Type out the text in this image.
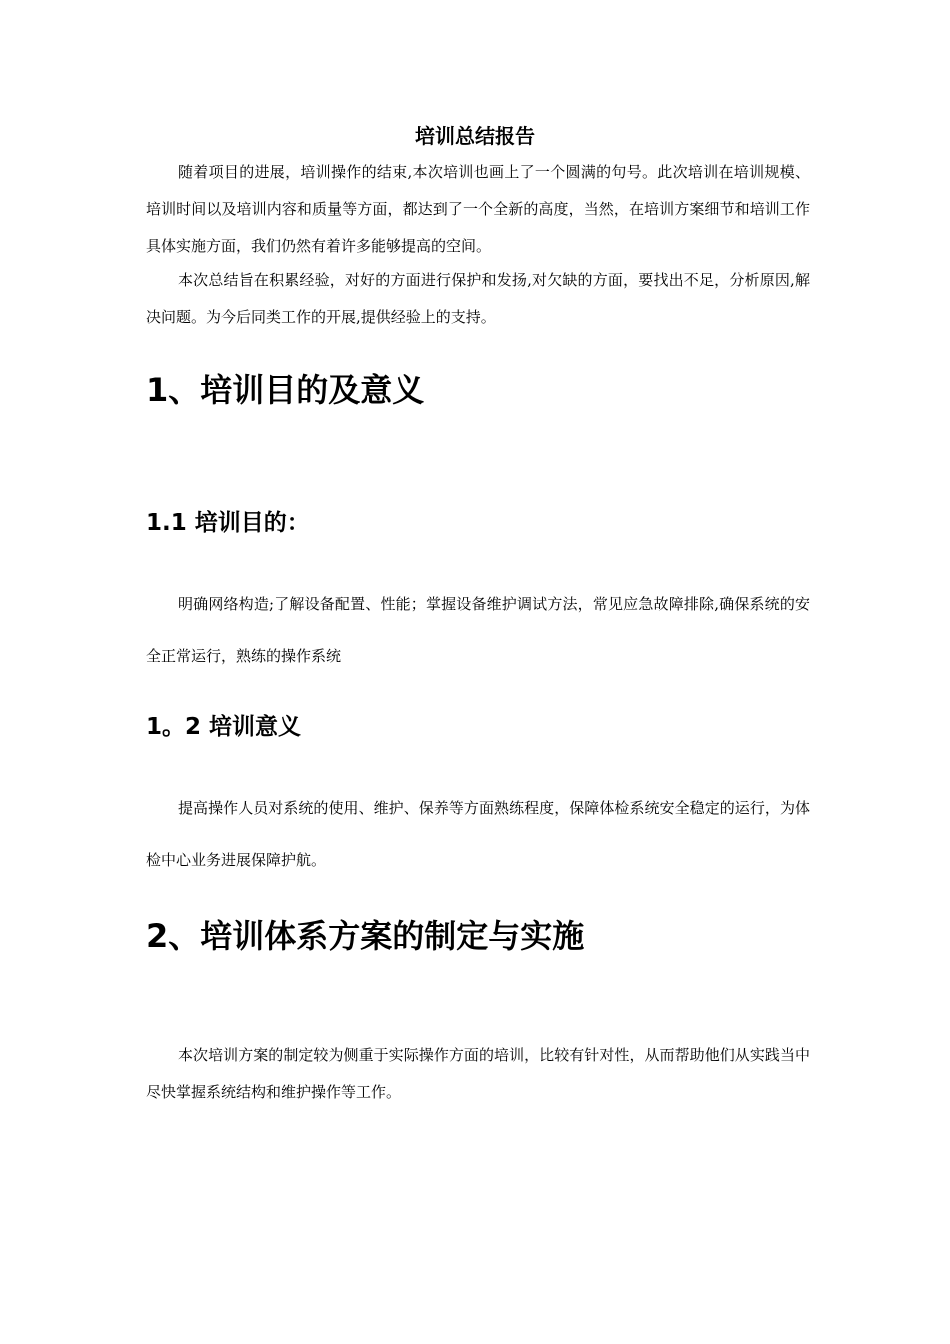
培训总结报告

随着项目的进展，培训操作的结束,本次培训也画上了一个圆满的句号。此次培训在培训规模、培训时间以及培训内容和质量等方面，都达到了一个全新的高度，当然，在培训方案细节和培训工作具体实施方面，我们仍然有着许多能够提高的空间。

本次总结旨在积累经验，对好的方面进行保护和发扬,对欠缺的方面，要找出不足，分析原因,解决问题。为今后同类工作的开展,提供经验上的支持。

1、培训目的及意义
1.1 培训目的：

明确网络构造;了解设备配置、性能；掌握设备维护调试方法，常见应急故障排除,确保系统的安全正常运行，熟练的操作系统

1。2 培训意义

提高操作人员对系统的使用、维护、保养等方面熟练程度，保障体检系统安全稳定的运行，为体检中心业务进展保障护航。

2、培训体系方案的制定与实施

本次培训方案的制定较为侧重于实际操作方面的培训，比较有针对性，从而帮助他们从实践当中尽快掌握系统结构和维护操作等工作。
